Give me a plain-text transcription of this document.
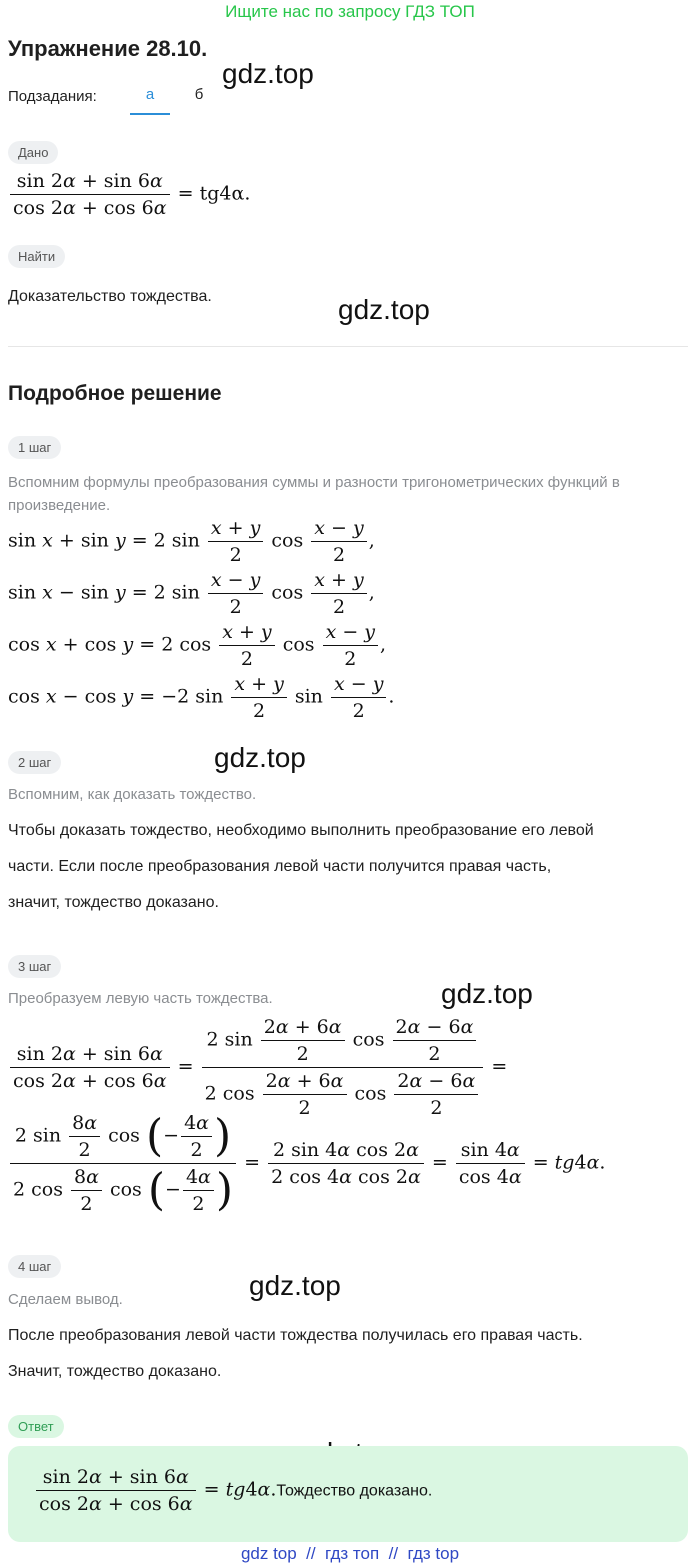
Ищите нас по запросу ГДЗ ТОП
Упражнение 28.10.
gdz.top
gdz.top
gdz.top
gdz.top
gdz.top
Подзадания:	а	б
Дано
$\frac{\sin 2\alpha + \sin 6\alpha}{\cos 2\alpha + \cos 6\alpha} = tg4\alpha$.
Найти
Доказательство тождества.
Подробное решение
1 шаг
Вспомним формулы преобразования суммы и разности тригонометрических функций в произведение.
sin x + sin y = 2 $\sin \frac{x + y}{2}$ $\cos \frac{x - y}{2}$ ,
sin x − sin y = 2 $\sin \frac{x - y}{2}$ $\cos \frac{x + y}{2}$ ,
cos x + cos y = 2 $\cos \frac{x + y}{2}$ $\cos \frac{x - y}{2}$ ,
cos x − cos y = −2 $\sin \frac{x + y}{2}$ $\sin \frac{x - y}{2}$ .
2 шаг
Вспомним, как доказать тождество.
Чтобы доказать тождество, необходимо выполнить преобразование его левой
части. Если после преобразования левой части получится правая часть,
значит, тождество доказано.
3 шаг
Преобразуем левую часть тождества.
$\frac{\sin 2\alpha + \sin 6\alpha}{\cos 2\alpha + \cos 6\alpha} = \frac{2 \sin \frac{2\alpha + 6\alpha}{2} \cos \frac{2\alpha - 6\alpha}{2}}{2 \cos \frac{2\alpha + 6\alpha}{2} \cos \frac{2\alpha - 6\alpha}{2}}$ =
$\frac{2 \sin \frac{8\alpha}{2} \cos (- \frac{4\alpha}{2} )}{2 \cos \frac{8\alpha}{2} \cos (- \frac{4\alpha}{2} )} = \frac{\text{2 sin 4α cos 2α}}{\text{2 cos 4α cos 2α}} = \frac{\sin 4\alpha}{\cos 4\alpha} = tg4\alpha$.
4 шаг
Сделаем вывод.
После преобразования левой части тождества получилась его правая часть.
Значит, тождество доказано.
Ответ
$\frac{\sin 2\alpha + \sin 6\alpha}{\cos 2\alpha + \cos 6\alpha}$ = tg4α.Тождество доказано.
gdz top  //  гдз топ  //  гдз top
